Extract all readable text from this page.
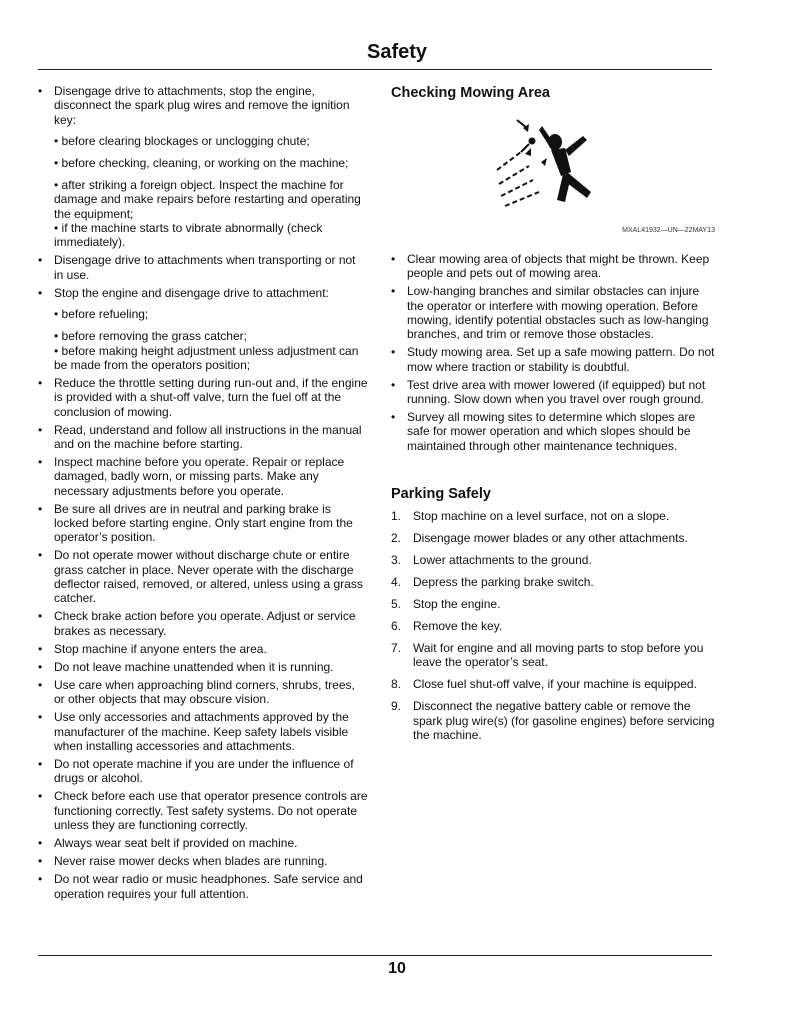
Safety
• Disengage drive to attachments, stop the engine, disconnect the spark plug wires and remove the ignition key:
• before clearing blockages or unclogging chute;
• before checking, cleaning, or working on the machine;
• after striking a foreign object. Inspect the machine for damage and make repairs before restarting and operating the equipment;
• if the machine starts to vibrate abnormally (check immediately).
• Disengage drive to attachments when transporting or not in use.
• Stop the engine and disengage drive to attachment:
• before refueling;
• before removing the grass catcher;
• before making height adjustment unless adjustment can be made from the operators position;
• Reduce the throttle setting during run-out and, if the engine is provided with a shut-off valve, turn the fuel off at the conclusion of mowing.
• Read, understand and follow all instructions in the manual and on the machine before starting.
• Inspect machine before you operate. Repair or replace damaged, badly worn, or missing parts. Make any necessary adjustments before you operate.
• Be sure all drives are in neutral and parking brake is locked before starting engine. Only start engine from the operator’s position.
• Do not operate mower without discharge chute or entire grass catcher in place. Never operate with the discharge deflector raised, removed, or altered, unless using a grass catcher.
• Check brake action before you operate. Adjust or service brakes as necessary.
• Stop machine if anyone enters the area.
• Do not leave machine unattended when it is running.
• Use care when approaching blind corners, shrubs, trees, or other objects that may obscure vision.
• Use only accessories and attachments approved by the manufacturer of the machine. Keep safety labels visible when installing accessories and attachments.
• Do not operate machine if you are under the influence of drugs or alcohol.
• Check before each use that operator presence controls are functioning correctly. Test safety systems. Do not operate unless they are functioning correctly.
• Always wear seat belt if provided on machine.
• Never raise mower decks when blades are running.
• Do not wear radio or music headphones. Safe service and operation requires your full attention.
Checking Mowing Area
MXAL41932—UN—22MAY13
• Clear mowing area of objects that might be thrown. Keep people and pets out of mowing area.
• Low-hanging branches and similar obstacles can injure the operator or interfere with mowing operation. Before mowing, identify potential obstacles such as low-hanging branches, and trim or remove those obstacles.
• Study mowing area. Set up a safe mowing pattern. Do not mow where traction or stability is doubtful.
• Test drive area with mower lowered (if equipped) but not running. Slow down when you travel over rough ground.
• Survey all mowing sites to determine which slopes are safe for mower operation and which slopes should be maintained through other maintenance techniques.
Parking Safely
1. Stop machine on a level surface, not on a slope.
2. Disengage mower blades or any other attachments.
3. Lower attachments to the ground.
4. Depress the parking brake switch.
5. Stop the engine.
6. Remove the key.
7. Wait for engine and all moving parts to stop before you leave the operator’s seat.
8. Close fuel shut-off valve, if your machine is equipped.
9. Disconnect the negative battery cable or remove the spark plug wire(s) (for gasoline engines) before servicing the machine.
10
